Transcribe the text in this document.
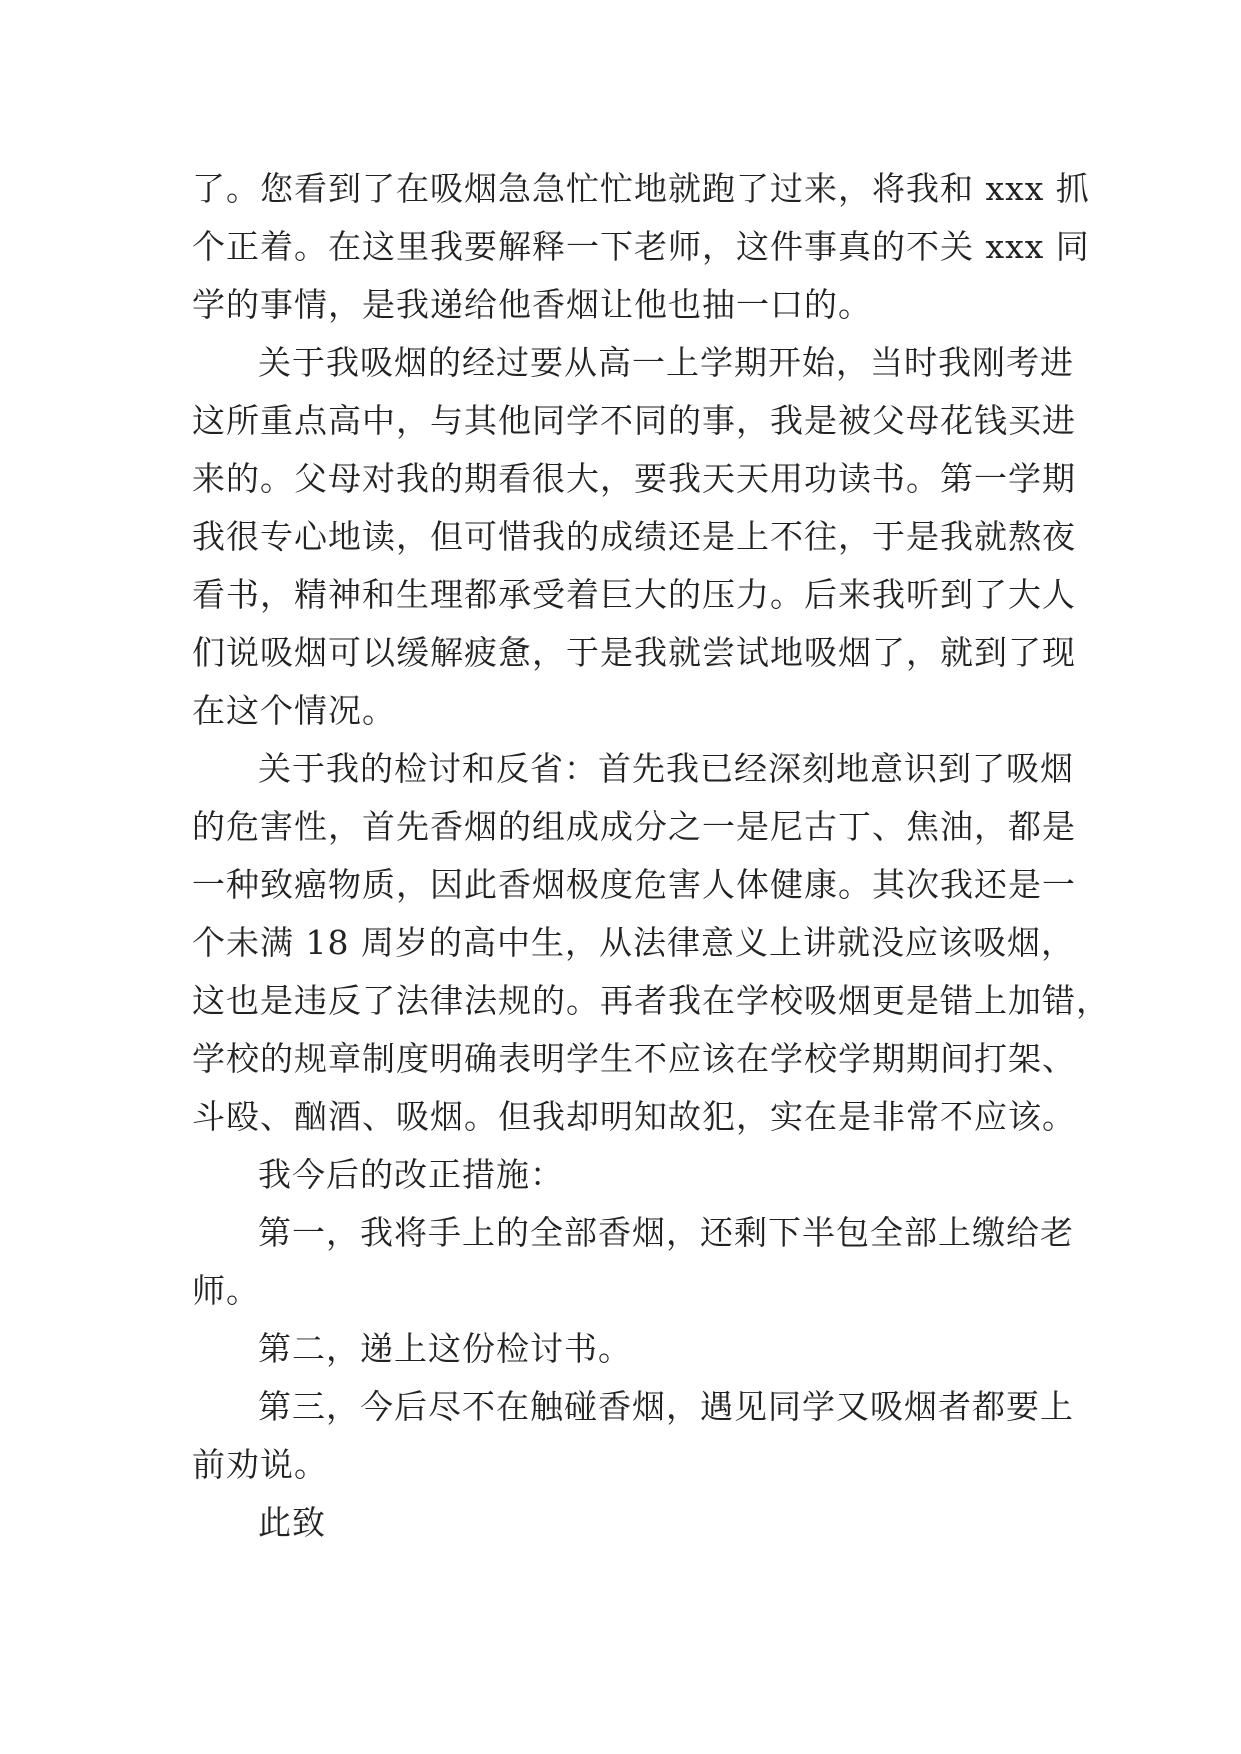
了。您看到了在吸烟急急忙忙地就跑了过来，将我和 xxx 抓
个正着。在这里我要解释一下老师，这件事真的不关 xxx 同
学的事情，是我递给他香烟让他也抽一口的。
关于我吸烟的经过要从高一上学期开始，当时我刚考进
这所重点高中，与其他同学不同的事，我是被父母花钱买进
来的。父母对我的期看很大，要我天天用功读书。第一学期
我很专心地读，但可惜我的成绩还是上不往，于是我就熬夜
看书，精神和生理都承受着巨大的压力。后来我听到了大人
们说吸烟可以缓解疲惫，于是我就尝试地吸烟了，就到了现
在这个情况。
关于我的检讨和反省：首先我已经深刻地意识到了吸烟
的危害性，首先香烟的组成成分之一是尼古丁、焦油，都是
一种致癌物质，因此香烟极度危害人体健康。其次我还是一
个未满 18 周岁的高中生，从法律意义上讲就没应该吸烟，
这也是违反了法律法规的。再者我在学校吸烟更是错上加错，
学校的规章制度明确表明学生不应该在学校学期期间打架、
斗殴、酗酒、吸烟。但我却明知故犯，实在是非常不应该。
我今后的改正措施：
第一，我将手上的全部香烟，还剩下半包全部上缴给老
师。
第二，递上这份检讨书。
第三，今后尽不在触碰香烟，遇见同学又吸烟者都要上
前劝说。
此致
